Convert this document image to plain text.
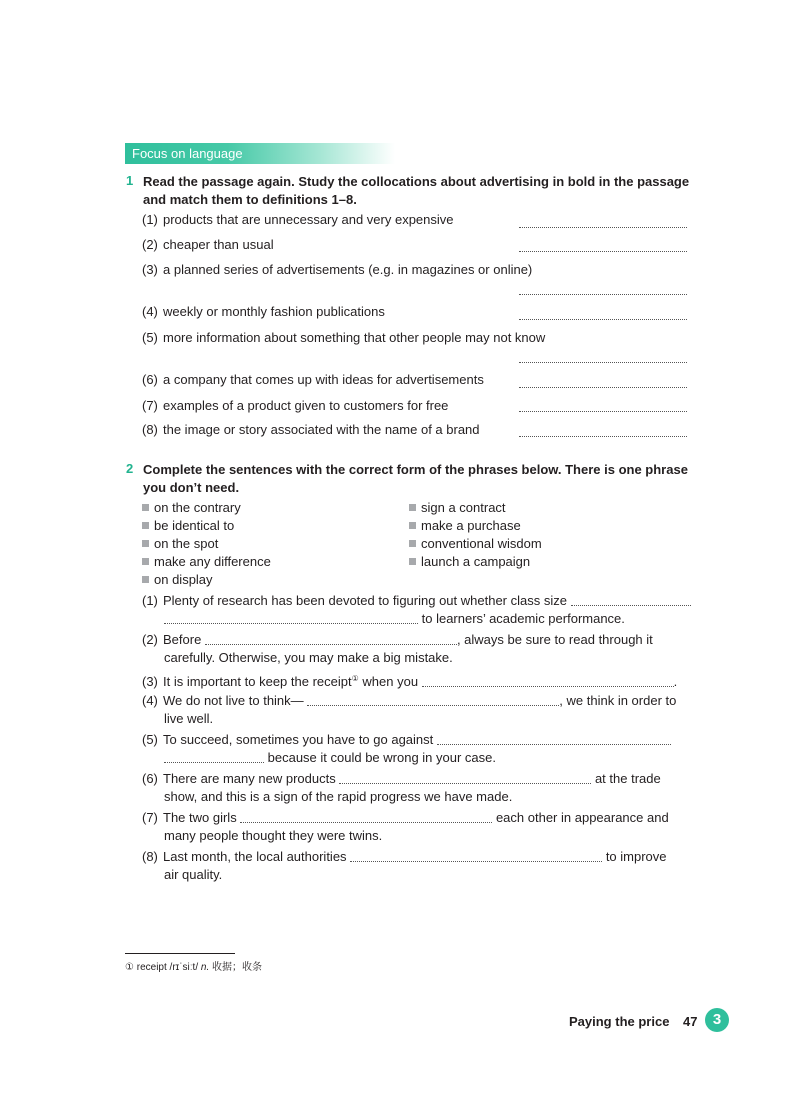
Focus on language
1 Read the passage again. Study the collocations about advertising in bold in the passage and match them to definitions 1–8.
(1) products that are unnecessary and very expensive
(2) cheaper than usual
(3) a planned series of advertisements (e.g. in magazines or online)
(4) weekly or monthly fashion publications
(5) more information about something that other people may not know
(6) a company that comes up with ideas for advertisements
(7) examples of a product given to customers for free
(8) the image or story associated with the name of a brand
2 Complete the sentences with the correct form of the phrases below. There is one phrase you don’t need.
on the contrary
be identical to
on the spot
make any difference
on display
sign a contract
make a purchase
conventional wisdom
launch a campaign
(1) Plenty of research has been devoted to figuring out whether class size
to learners’ academic performance.
(2) Before	, always be sure to read through it
carefully. Otherwise, you may make a big mistake.
(3) It is important to keep the receipt① when you	.
(4) We do not live to think—	, we think in order to
live well.
(5) To succeed, sometimes you have to go against
because it could be wrong in your case.
(6) There are many new products	at the trade
show, and this is a sign of the rapid progress we have made.
(7) The two girls	each other in appearance and
many people thought they were twins.
(8) Last month, the local authorities	to improve
air quality.
① receipt /rɪˈsiːt/ n. 收据；收条
Paying the price 47	3
